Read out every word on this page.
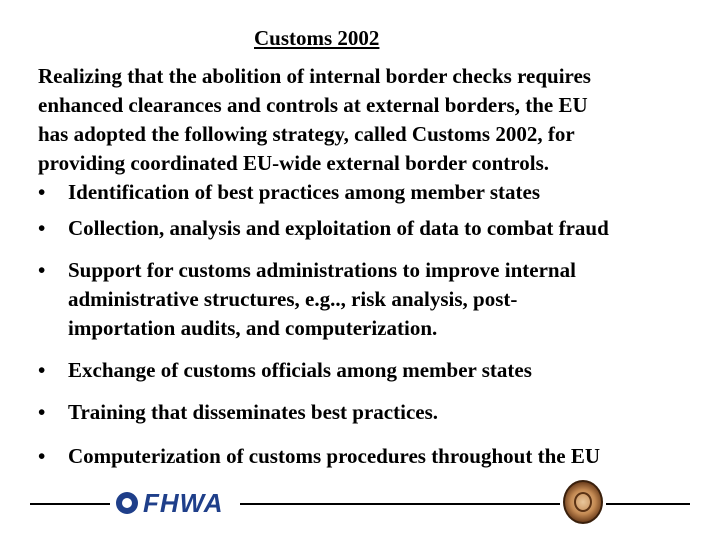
Customs 2002
Realizing that the abolition of internal border checks requires
enhanced clearances and controls at external borders, the EU
has adopted the following strategy, called Customs 2002, for
providing coordinated EU-wide external border controls.
•	Identification of best practices among member states
•	Collection, analysis and exploitation of data to combat fraud
•	Support for customs administrations to improve internal
administrative structures, e.g.., risk analysis, post-
importation audits, and computerization.
•	Exchange of customs officials among member states
•	Training that disseminates best practices.
•	Computerization of customs procedures throughout the EU
FHWA
